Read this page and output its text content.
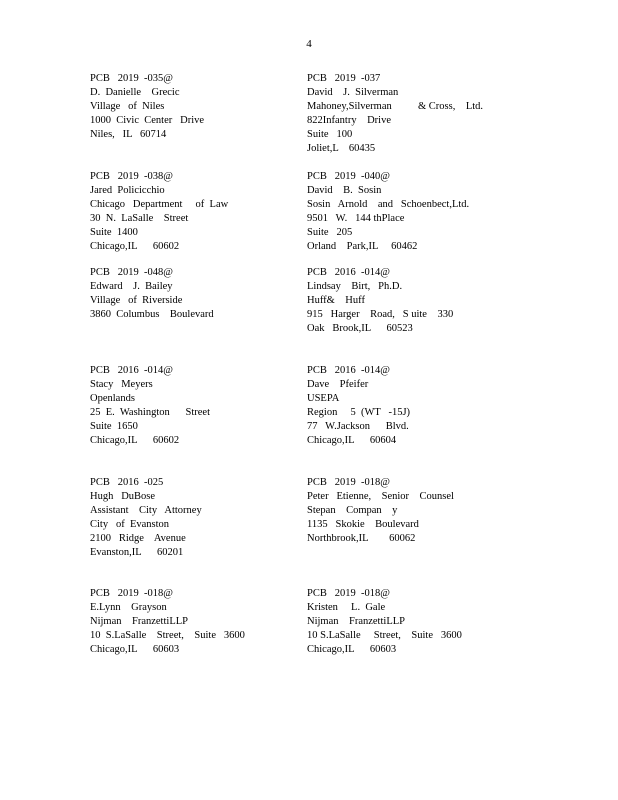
4
PCB   2019  -035@
D.  Danielle    Grecic
Village   of  Niles
1000  Civic  Center   Drive
Niles,   IL   60714
PCB   2019  -037
David    J.  Silverman
Mahoney,Silverman          & Cross,    Ltd.
822Infantry    Drive
Suite   100
Joliet,L    60435
PCB   2019  -038@
Jared  Policicchio
Chicago   Department     of  Law
30  N.  LaSalle    Street
Suite  1400
Chicago,IL      60602
PCB   2019  -040@
David    B.  Sosin
Sosin   Arnold    and   Schoenbect,Ltd.
9501   W.   144 thPlace
Suite   205
Orland    Park,IL     60462
PCB   2019  -048@
Edward    J.  Bailey
Village   of  Riverside
3860  Columbus    Boulevard
PCB   2016  -014@
Lindsay    Birt,   Ph.D.
Huff&    Huff
915   Harger    Road,   S uite    330
Oak   Brook,IL      60523
PCB   2016  -014@
Stacy   Meyers
Openlands
25  E.  Washington      Street
Suite  1650
Chicago,IL      60602
PCB   2016  -014@
Dave    Pfeifer
USEPA
Region     5  (WT   -15J)
77   W.Jackson      Blvd.
Chicago,IL      60604
PCB   2016  -025
Hugh   DuBose
Assistant    City   Attorney
City   of  Evanston
2100   Ridge    Avenue
Evanston,IL      60201
PCB   2019  -018@
Peter   Etienne,    Senior    Counsel
Stepan    Compan    y
1135   Skokie    Boulevard
Northbrook,IL        60062
PCB   2019  -018@
E.Lynn    Grayson
Nijman    FranzettiLLP
10  S.LaSalle    Street,    Suite   3600
Chicago,IL      60603
PCB   2019  -018@
Kristen     L.  Gale
Nijman    FranzettiLLP
10 S.LaSalle     Street,    Suite   3600
Chicago,IL      60603
